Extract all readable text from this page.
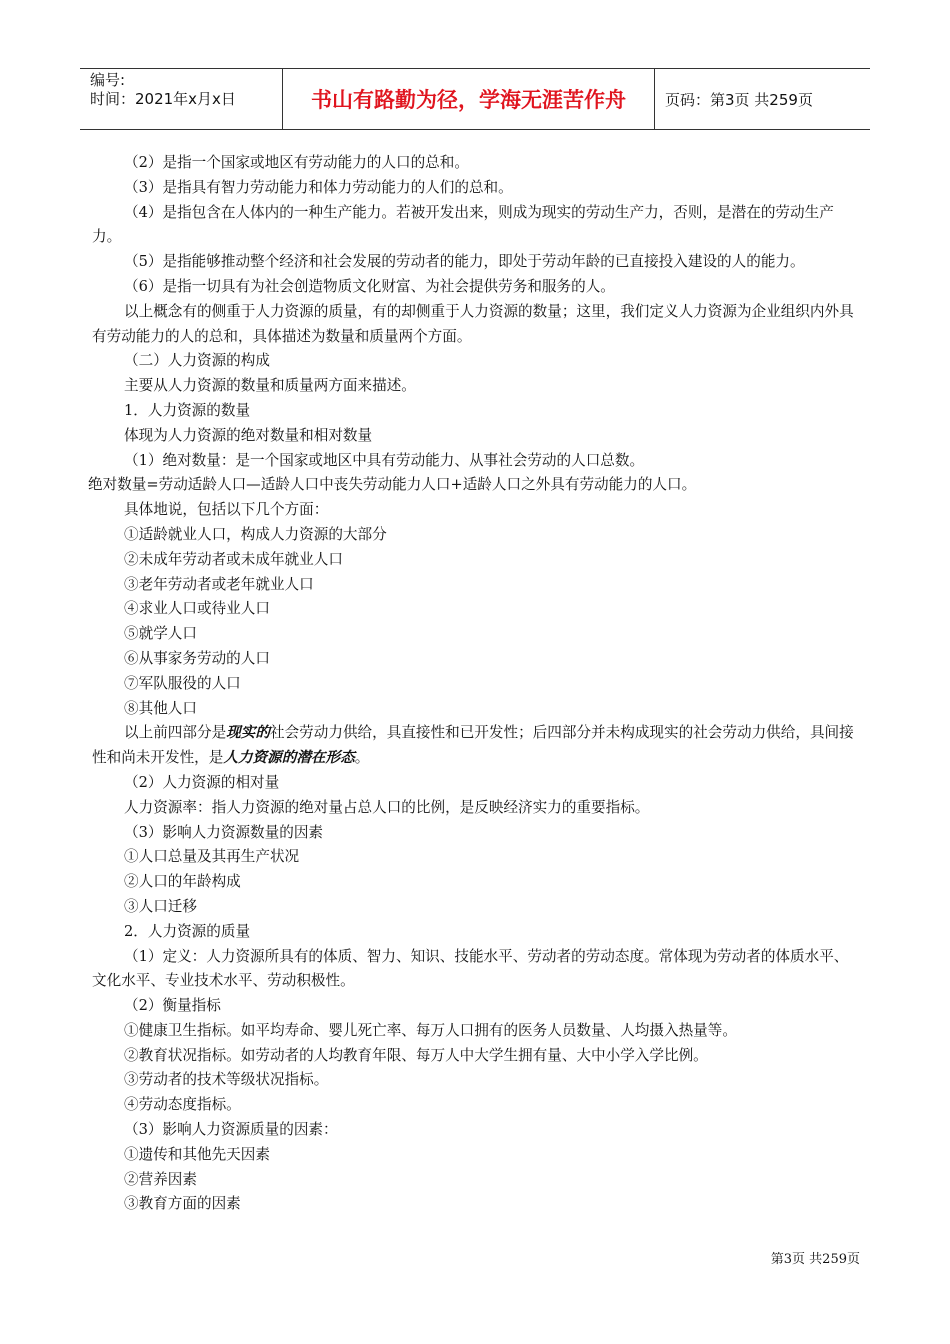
编号:
时间：2021年x月x日	书山有路勤为径，学海无涯苦作舟	页码：第3页 共259页

（2）是指一个国家或地区有劳动能力的人口的总和。

（3）是指具有智力劳动能力和体力劳动能力的人们的总和。

（4）是指包含在人体内的一种生产能力。若被开发出来，则成为现实的劳动生产力，否则，是潜在的劳动生产力。

（5）是指能够推动整个经济和社会发展的劳动者的能力，即处于劳动年龄的已直接投入建设的人的能力。

（6）是指一切具有为社会创造物质文化财富、为社会提供劳务和服务的人。

以上概念有的侧重于人力资源的质量，有的却侧重于人力资源的数量；这里，我们定义人力资源为企业组织内外具有劳动能力的人的总和，具体描述为数量和质量两个方面。

（二）人力资源的构成

主要从人力资源的数量和质量两方面来描述。

1．人力资源的数量

体现为人力资源的绝对数量和相对数量

（1）绝对数量：是一个国家或地区中具有劳动能力、从事社会劳动的人口总数。

绝对数量=劳动适龄人口—适龄人口中丧失劳动能力人口+适龄人口之外具有劳动能力的人口。

具体地说，包括以下几个方面：

①适龄就业人口，构成人力资源的大部分

②未成年劳动者或未成年就业人口

③老年劳动者或老年就业人口

④求业人口或待业人口

⑤就学人口

⑥从事家务劳动的人口

⑦军队服役的人口

⑧其他人口

以上前四部分是现实的社会劳动力供给，具直接性和已开发性；后四部分并未构成现实的社会劳动力供给，具间接性和尚未开发性，是人力资源的潜在形态。

（2）人力资源的相对量

人力资源率：指人力资源的绝对量占总人口的比例，是反映经济实力的重要指标。

（3）影响人力资源数量的因素

①人口总量及其再生产状况

②人口的年龄构成

③人口迁移

2．人力资源的质量

（1）定义：人力资源所具有的体质、智力、知识、技能水平、劳动者的劳动态度。常体现为劳动者的体质水平、文化水平、专业技术水平、劳动积极性。

（2）衡量指标

①健康卫生指标。如平均寿命、婴儿死亡率、每万人口拥有的医务人员数量、人均摄入热量等。

②教育状况指标。如劳动者的人均教育年限、每万人中大学生拥有量、大中小学入学比例。

③劳动者的技术等级状况指标。

④劳动态度指标。

（3）影响人力资源质量的因素：

①遗传和其他先天因素

②营养因素

③教育方面的因素

第3页 共259页
